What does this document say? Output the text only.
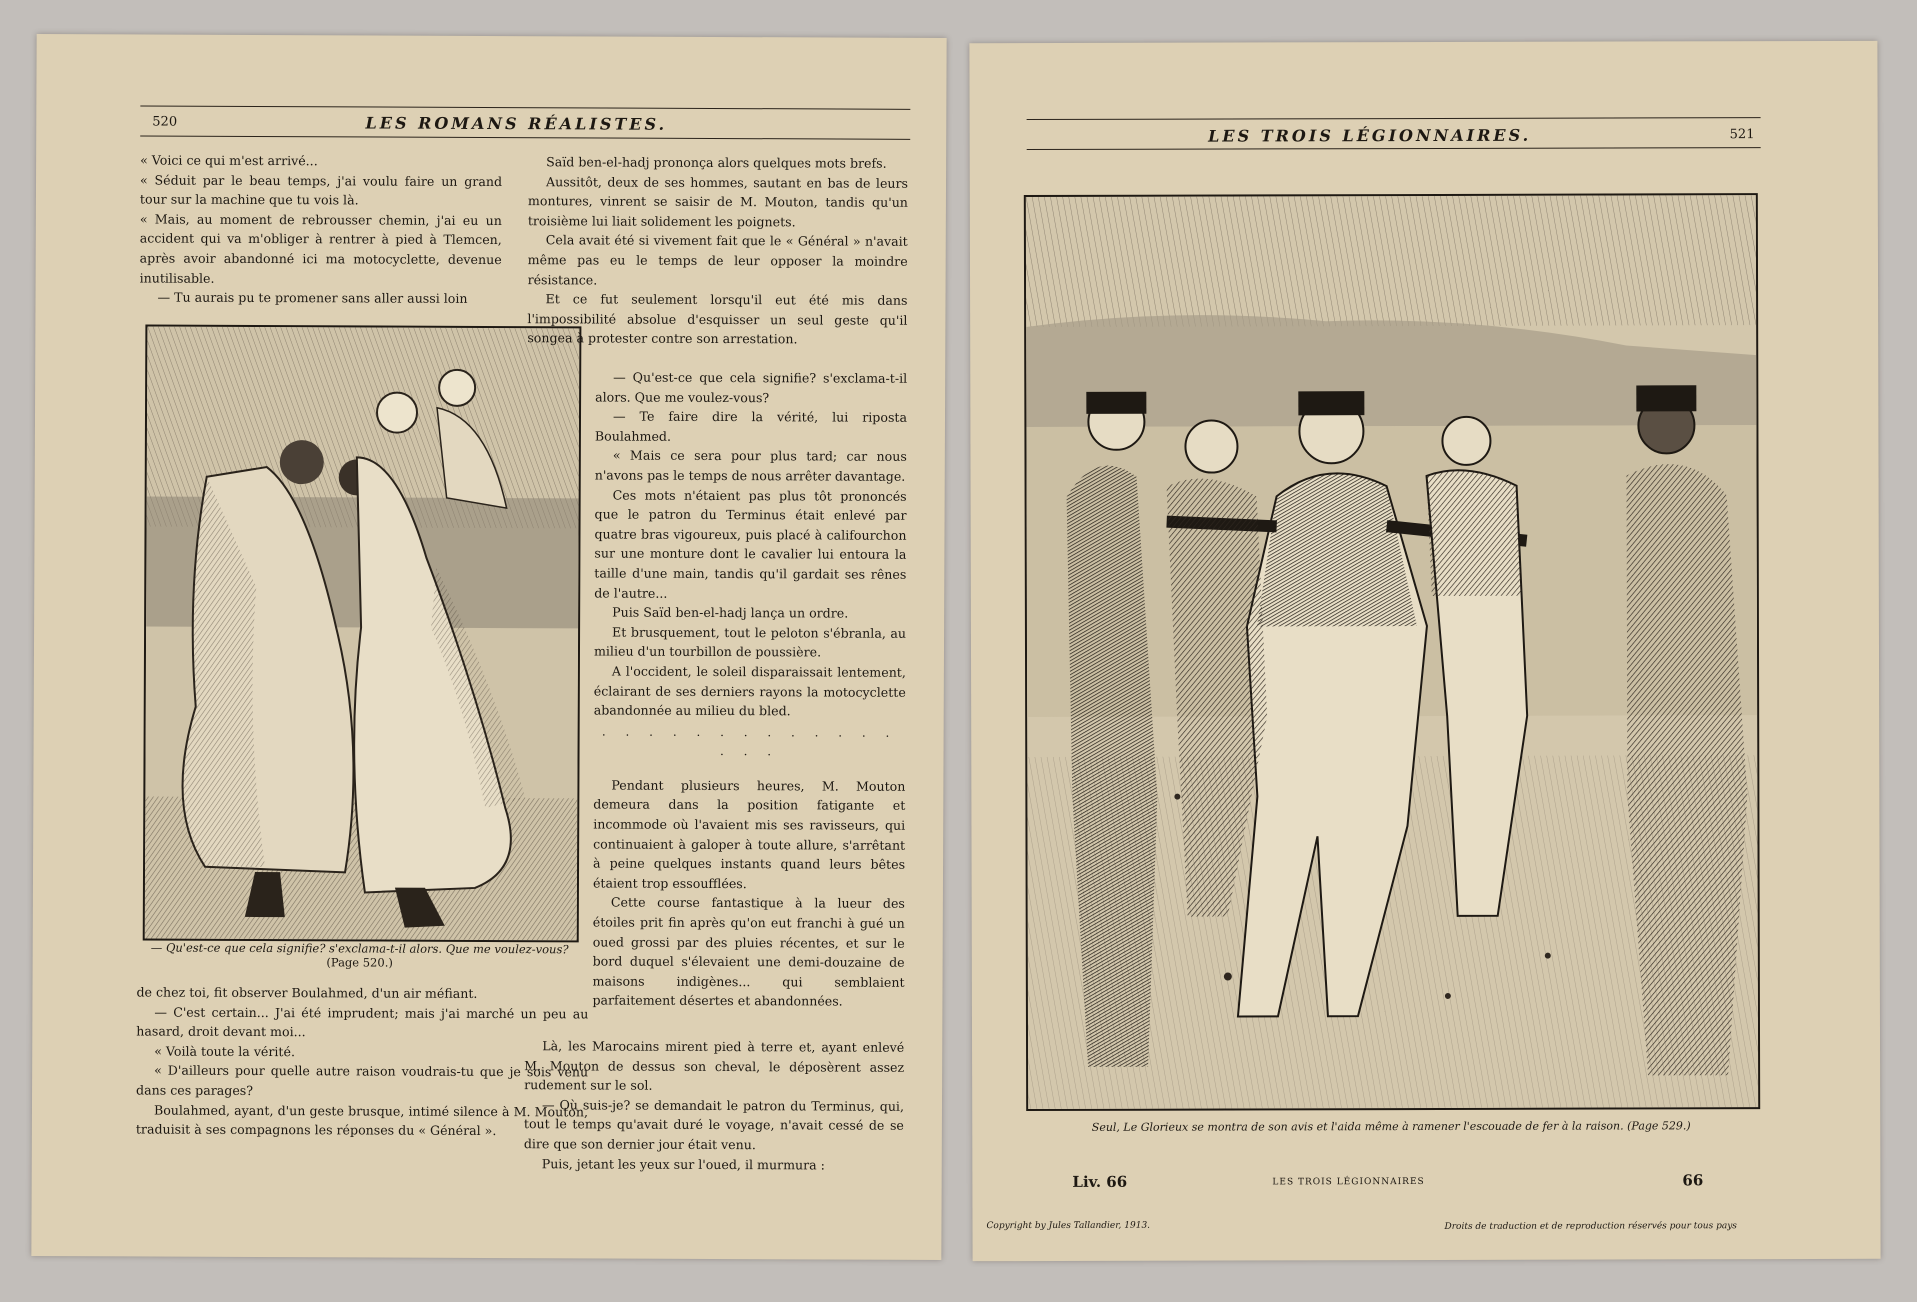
520	LES ROMANS RÉALISTES.

« Voici ce qui m'est arrivé...

« Séduit par le beau temps, j'ai voulu faire un grand tour sur la machine que tu vois là.

« Mais, au moment de rebrousser chemin, j'ai eu un accident qui va m'obliger à rentrer à pied à Tlemcen, après avoir abandonné ici ma motocyclette, devenue inutilisable.

— Tu aurais pu te promener sans aller aussi loin

— Qu'est-ce que cela signifie? s'exclama-t-il alors. Que me voulez-vous?
(Page 520.)

de chez toi, fit observer Boulahmed, d'un air méfiant.

— C'est certain... J'ai été imprudent; mais j'ai marché un peu au hasard, droit devant moi...

« Voilà toute la vérité.

« D'ailleurs pour quelle autre raison voudrais-tu que je sois venu dans ces parages?

Boulahmed, ayant, d'un geste brusque, intimé silence à M. Mouton, traduisit à ses compagnons les réponses du « Général ».

Saïd ben-el-hadj prononça alors quelques mots brefs.

Aussitôt, deux de ses hommes, sautant en bas de leurs montures, vinrent se saisir de M. Mouton, tandis qu'un troisième lui liait solidement les poignets.

Cela avait été si vivement fait que le « Général » n'avait même pas eu le temps de leur opposer la moindre résistance.

Et ce fut seulement lorsqu'il eut été mis dans l'impossibilité absolue d'esquisser un seul geste qu'il songea à protester contre son arrestation.

— Qu'est-ce que cela signifie? s'exclama-t-il alors. Que me voulez-vous?

— Te faire dire la vérité, lui riposta Boulahmed.

« Mais ce sera pour plus tard; car nous n'avons pas le temps de nous arrêter davantage.

Ces mots n'étaient pas plus tôt prononcés que le patron du Terminus était enlevé par quatre bras vigoureux, puis placé à califourchon sur une monture dont le cavalier lui entoura la taille d'une main, tandis qu'il gardait ses rênes de l'autre...

Puis Saïd ben-el-hadj lança un ordre.

Et brusquement, tout le peloton s'ébranla, au milieu d'un tourbillon de poussière.

A l'occident, le soleil disparaissait lentement, éclairant de ses derniers rayons la motocyclette abandonnée au milieu du bled.

. . . . . . . . . . . . . . . .

Pendant plusieurs heures, M. Mouton demeura dans la position fatigante et incommode où l'avaient mis ses ravisseurs, qui continuaient à galoper à toute allure, s'arrêtant à peine quelques instants quand leurs bêtes étaient trop essoufflées.

Cette course fantastique à la lueur des étoiles prit fin après qu'on eut franchi à gué un oued grossi par des pluies récentes, et sur le bord duquel s'élevaient une demi-douzaine de maisons indigènes... qui semblaient parfaitement désertes et abandonnées.

Là, les Marocains mirent pied à terre et, ayant enlevé M. Mouton de dessus son cheval, le déposèrent assez rudement sur le sol.

— Où suis-je? se demandait le patron du Terminus, qui, tout le temps qu'avait duré le voyage, n'avait cessé de se dire que son dernier jour était venu.

Puis, jetant les yeux sur l'oued, il murmura :

LES TROIS LÉGIONNAIRES.	521
Seul, Le Glorieux se montra de son avis et l'aida même à ramener l'escouade de fer à la raison. (Page 529.)
Liv. 66	LES TROIS LÉGIONNAIRES	66
Copyright by Jules Tallandier, 1913.	Droits de traduction et de reproduction réservés pour tous pays
